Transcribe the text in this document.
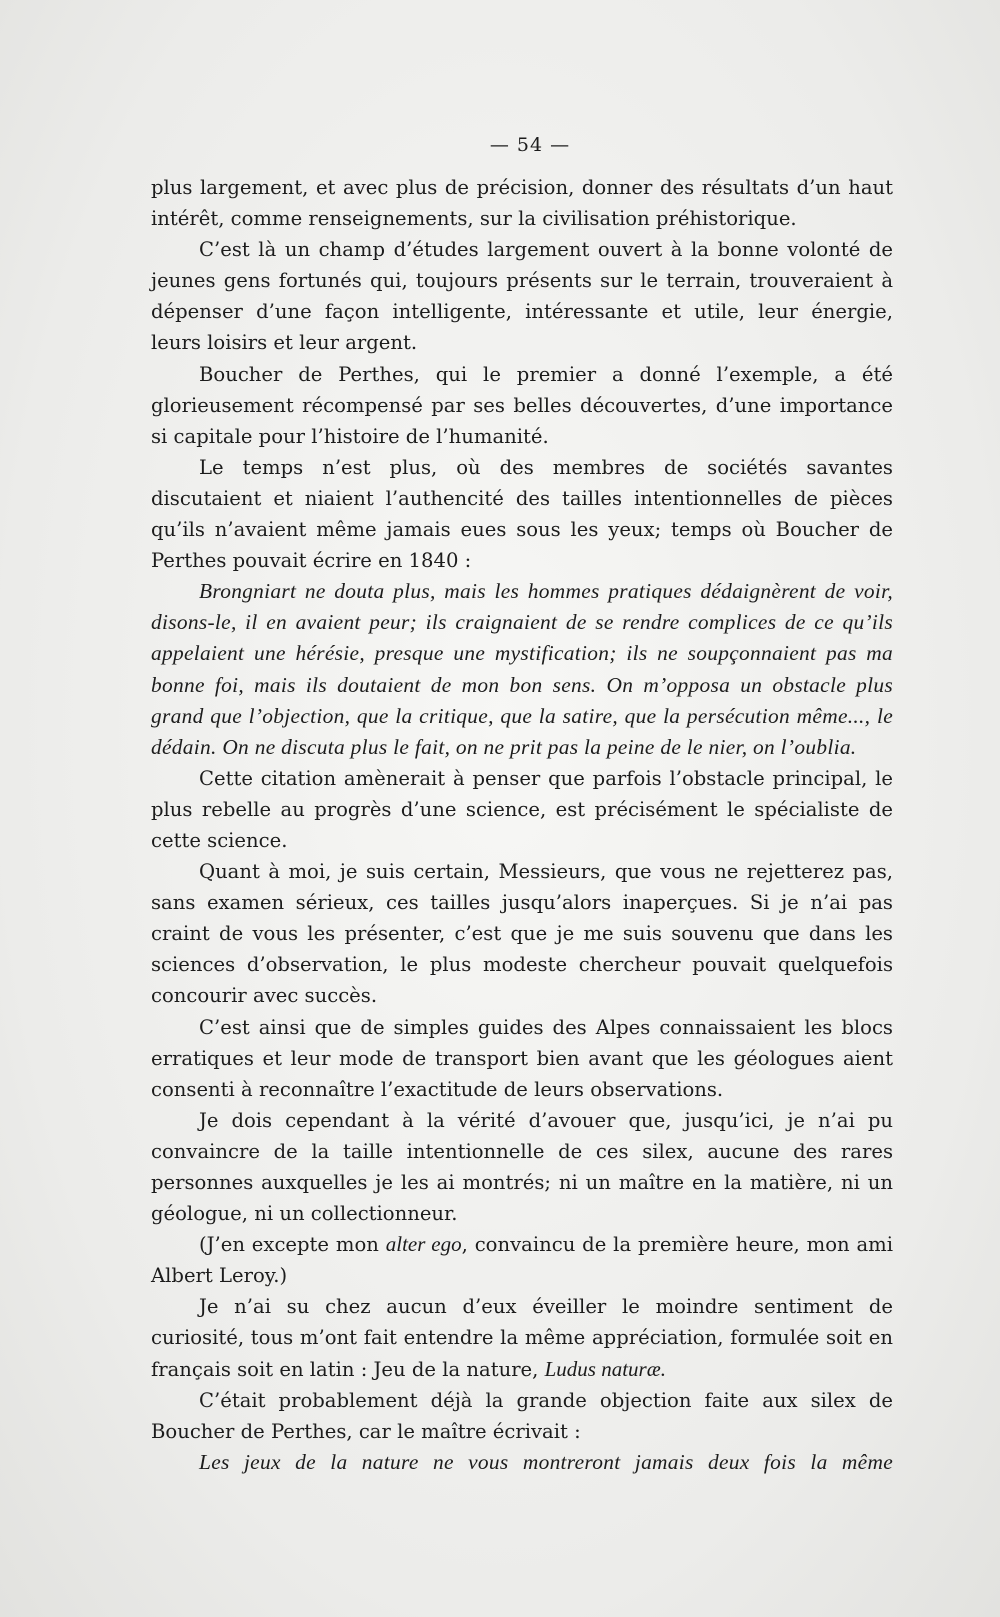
— 54 —

plus largement, et avec plus de précision, donner des résultats d’un haut intérêt, comme renseignements, sur la civilisation préhistorique.

C’est là un champ d’études largement ouvert à la bonne volonté de jeunes gens fortunés qui, toujours présents sur le terrain, trouveraient à dépenser d’une façon intelligente, intéressante et utile, leur énergie, leurs loisirs et leur argent.

Boucher de Perthes, qui le premier a donné l’exemple, a été glorieusement récompensé par ses belles découvertes, d’une importance si capitale pour l’histoire de l’humanité.

Le temps n’est plus, où des membres de sociétés savantes discutaient et niaient l’authencité des tailles intentionnelles de pièces qu’ils n’avaient même jamais eues sous les yeux; temps où Boucher de Perthes pouvait écrire en 1840 :

Brongniart ne douta plus, mais les hommes pratiques dédaignèrent de voir, disons-le, il en avaient peur; ils craignaient de se rendre complices de ce qu’ils appelaient une hérésie, presque une mystification; ils ne soupçonnaient pas ma bonne foi, mais ils doutaient de mon bon sens. On m’opposa un obstacle plus grand que l’objection, que la critique, que la satire, que la persécution même..., le dédain. On ne discuta plus le fait, on ne prit pas la peine de le nier, on l’oublia.

Cette citation amènerait à penser que parfois l’obstacle principal, le plus rebelle au progrès d’une science, est précisément le spécialiste de cette science.

Quant à moi, je suis certain, Messieurs, que vous ne rejetterez pas, sans examen sérieux, ces tailles jusqu’alors inaperçues. Si je n’ai pas craint de vous les présenter, c’est que je me suis souvenu que dans les sciences d’observation, le plus modeste chercheur pouvait quelquefois concourir avec succès.

C’est ainsi que de simples guides des Alpes connaissaient les blocs erratiques et leur mode de transport bien avant que les géologues aient consenti à reconnaître l’exactitude de leurs observations.

Je dois cependant à la vérité d’avouer que, jusqu’ici, je n’ai pu convaincre de la taille intentionnelle de ces silex, aucune des rares personnes auxquelles je les ai montrés; ni un maître en la matière, ni un géologue, ni un collectionneur.

(J’en excepte mon alter ego, convaincu de la première heure, mon ami Albert Leroy.)

Je n’ai su chez aucun d’eux éveiller le moindre sentiment de curiosité, tous m’ont fait entendre la même appréciation, formulée soit en français soit en latin : Jeu de la nature, Ludus naturæ.

C’était probablement déjà la grande objection faite aux silex de Boucher de Perthes, car le maître écrivait :

Les jeux de la nature ne vous montreront jamais deux fois la même
